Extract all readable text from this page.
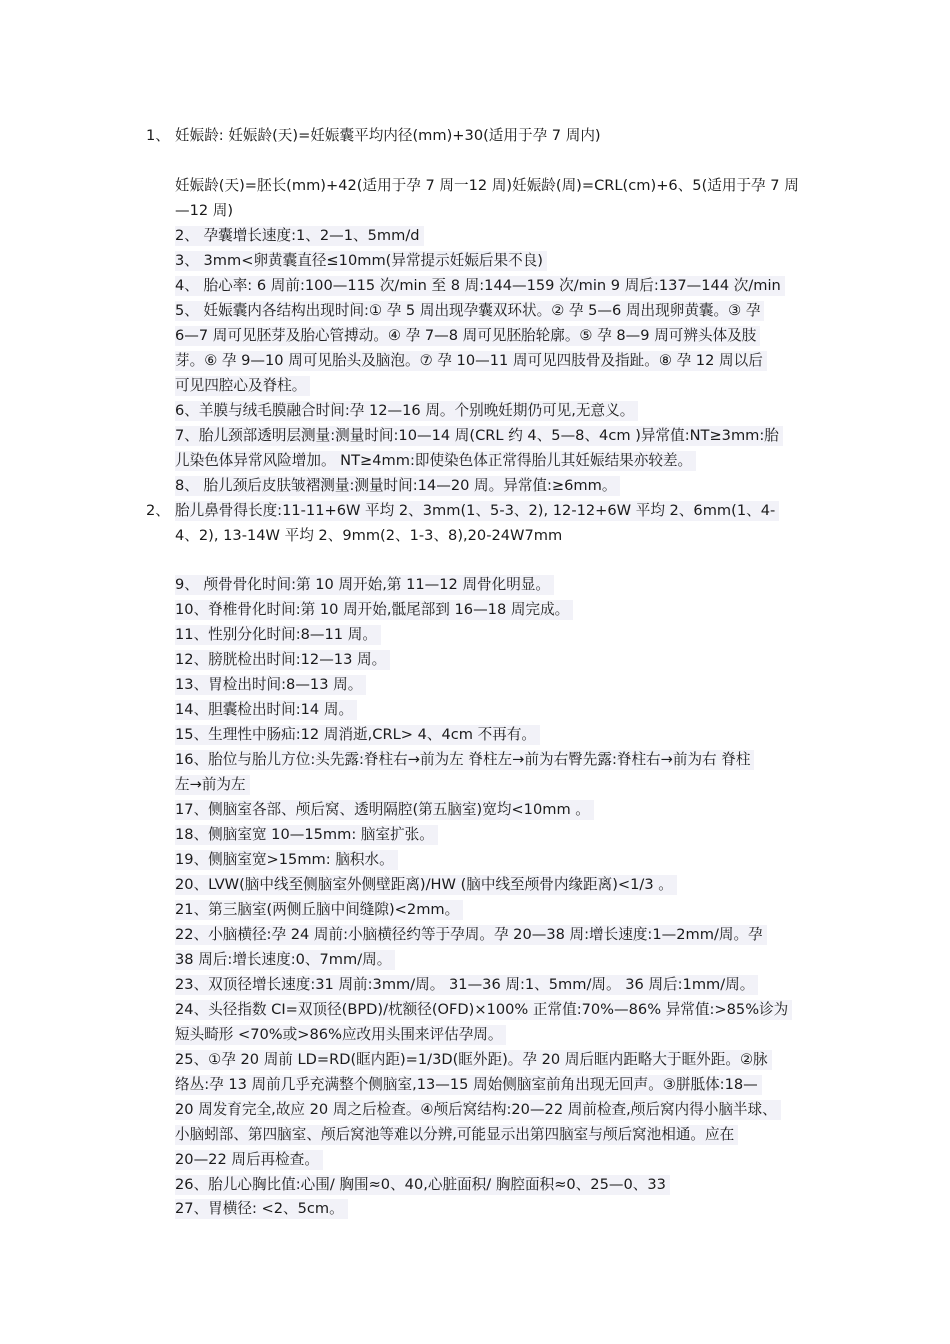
1、 妊娠龄: 妊娠龄(天)=妊娠囊平均内径(mm)+30(适用于孕 7 周内)
妊娠龄(天)=胚长(mm)+42(适用于孕 7 周一12 周)妊娠龄(周)=CRL(cm)+6、5(适用于孕 7 周
—12 周)
2、 孕囊增长速度:1、2—1、5mm/d
3、 3mm<卵黄囊直径≤10mm(异常提示妊娠后果不良)
4、 胎心率: 6 周前:100—115 次/min 至 8 周:144—159 次/min 9 周后:137—144 次/min
5、 妊娠囊内各结构出现时间:① 孕 5 周出现孕囊双环状。② 孕 5—6 周出现卵黄囊。③ 孕
6—7 周可见胚芽及胎心管搏动。④ 孕 7—8 周可见胚胎轮廓。⑤ 孕 8—9 周可辨头体及肢
芽。⑥ 孕 9—10 周可见胎头及脑泡。⑦ 孕 10—11 周可见四肢骨及指趾。⑧ 孕 12 周以后
可见四腔心及脊柱。
6、羊膜与绒毛膜融合时间:孕 12—16 周。个别晚妊期仍可见,无意义。
7、胎儿颈部透明层测量:测量时间:10—14 周(CRL 约 4、5—8、4cm )异常值:NT≥3mm:胎
儿染色体异常风险增加。 NT≥4mm:即使染色体正常得胎儿其妊娠结果亦较差。
8、 胎儿颈后皮肤皱褶测量:测量时间:14—20 周。异常值:≥6mm。
2、 胎儿鼻骨得长度:11-11+6W 平均 2、3mm(1、5-3、2), 12-12+6W 平均 2、6mm(1、4-
4、2), 13-14W 平均 2、9mm(2、1-3、8),20-24W7mm
9、 颅骨骨化时间:第 10 周开始,第 11—12 周骨化明显。
10、脊椎骨化时间:第 10 周开始,骶尾部到 16—18 周完成。
11、性别分化时间:8—11 周。
12、膀胱检出时间:12—13 周。
13、胃检出时间:8—13 周。
14、胆囊检出时间:14 周。
15、生理性中肠疝:12 周消逝,CRL> 4、4cm 不再有。
16、胎位与胎儿方位:头先露:脊柱右→前为左 脊柱左→前为右臀先露:脊柱右→前为右 脊柱
左→前为左
17、侧脑室各部、颅后窝、透明隔腔(第五脑室)宽均<10mm 。
18、侧脑室宽 10—15mm: 脑室扩张。
19、侧脑室宽>15mm: 脑积水。
20、LVW(脑中线至侧脑室外侧壁距离)/HW (脑中线至颅骨内缘距离)<1/3 。
21、第三脑室(两侧丘脑中间缝隙)<2mm。
22、小脑横径:孕 24 周前:小脑横径约等于孕周。孕 20—38 周:增长速度:1—2mm/周。孕
38 周后:增长速度:0、7mm/周。
23、双顶径增长速度:31 周前:3mm/周。 31—36 周:1、5mm/周。 36 周后:1mm/周。
24、头径指数 CI=双顶径(BPD)/枕额径(OFD)×100% 正常值:70%—86% 异常值:>85%诊为
短头畸形 <70%或>86%应改用头围来评估孕周。
25、①孕 20 周前 LD=RD(眶内距)=1/3D(眶外距)。孕 20 周后眶内距略大于眶外距。②脉
络丛:孕 13 周前几乎充满整个侧脑室,13—15 周始侧脑室前角出现无回声。③胼胝体:18—
20 周发育完全,故应 20 周之后检查。④颅后窝结构:20—22 周前检查,颅后窝内得小脑半球、
小脑蚓部、第四脑室、颅后窝池等难以分辨,可能显示出第四脑室与颅后窝池相通。应在
20—22 周后再检查。
26、胎儿心胸比值:心围/ 胸围≈0、40,心脏面积/ 胸腔面积≈0、25—0、33
27、胃横径: <2、5cm。
